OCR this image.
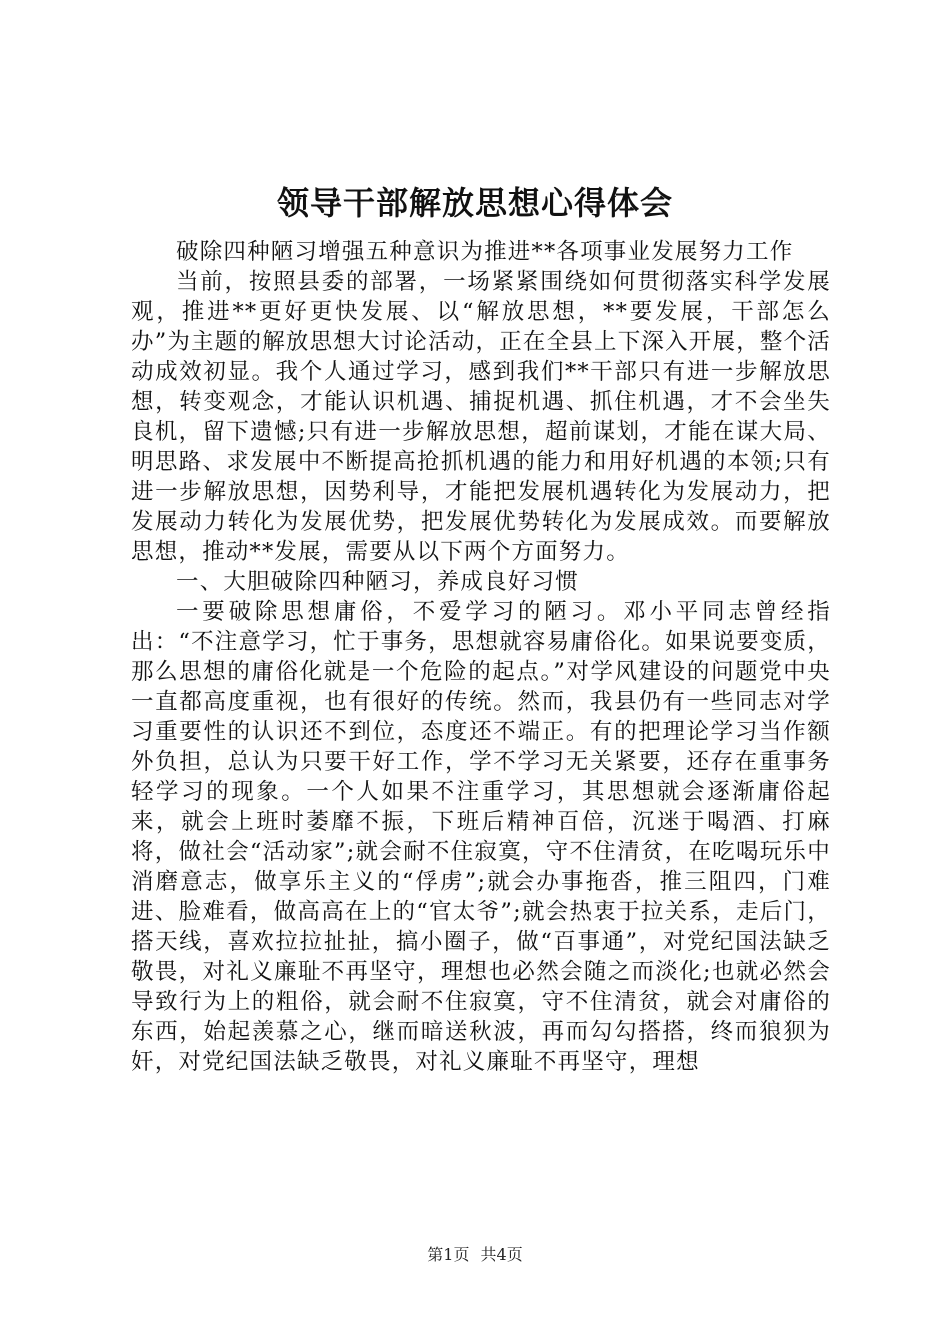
领导干部解放思想心得体会

破除四种陋习增强五种意识为推进**各项事业发展努力工作

当前，按照县委的部署，一场紧紧围绕如何贯彻落实科学发展观，推进**更好更快发展、以“解放思想，**要发展，干部怎么办”为主题的解放思想大讨论活动，正在全县上下深入开展，整个活动成效初显。我个人通过学习，感到我们**干部只有进一步解放思想，转变观念，才能认识机遇、捕捉机遇、抓住机遇，才不会坐失良机，留下遗憾;只有进一步解放思想，超前谋划，才能在谋大局、明思路、求发展中不断提高抢抓机遇的能力和用好机遇的本领;只有进一步解放思想，因势利导，才能把发展机遇转化为发展动力，把发展动力转化为发展优势，把发展优势转化为发展成效。而要解放思想，推动**发展，需要从以下两个方面努力。

一、大胆破除四种陋习，养成良好习惯

一要破除思想庸俗，不爱学习的陋习。邓小平同志曾经指出：“不注意学习，忙于事务，思想就容易庸俗化。如果说要变质，那么思想的庸俗化就是一个危险的起点。”对学风建设的问题党中央一直都高度重视，也有很好的传统。然而，我县仍有一些同志对学习重要性的认识还不到位，态度还不端正。有的把理论学习当作额外负担，总认为只要干好工作，学不学习无关紧要，还存在重事务轻学习的现象。一个人如果不注重学习，其思想就会逐渐庸俗起来，就会上班时萎靡不振，下班后精神百倍，沉迷于喝酒、打麻将，做社会“活动家”;就会耐不住寂寞，守不住清贫，在吃喝玩乐中消磨意志，做享乐主义的“俘虏”;就会办事拖沓，推三阻四，门难进、脸难看，做高高在上的“官太爷”;就会热衷于拉关系，走后门，搭天线，喜欢拉拉扯扯，搞小圈子，做“百事通”，对党纪国法缺乏敬畏，对礼义廉耻不再坚守，理想也必然会随之而淡化;也就必然会导致行为上的粗俗，就会耐不住寂寞，守不住清贫，就会对庸俗的东西，始起羡慕之心，继而暗送秋波，再而勾勾搭搭，终而狼狈为奸，对党纪国法缺乏敬畏，对礼义廉耻不再坚守，理想

第1页 共4页
